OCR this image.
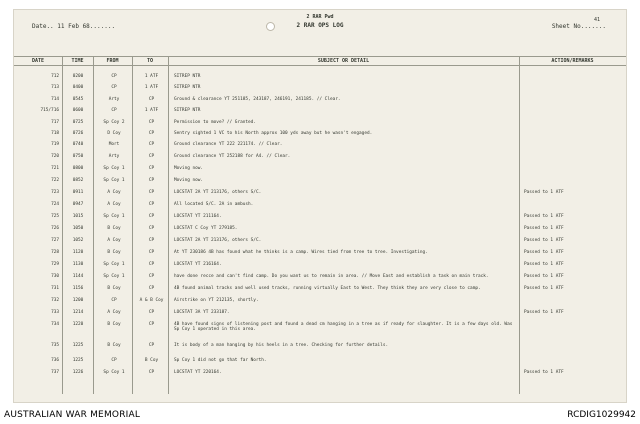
2 RAR Pwd
Date.. 11 Feb 68.......	2 RAR OPS LOG	Sheet No.......
41
DATE	TIME	FROM	TO	SUBJECT OR DETAIL	ACTION/REMARKS
712	0200	CP	1 ATF	SITREP NTR
713	0400	CP	1 ATF	SITREP NTR
714	0545	Arty	CP	Ground & clearance YT 251185, 243187, 246191, 241185. // Clear.
715/716	0600	CP	1 ATF	SITREP NTR
717	0725	Sp Coy 2	CP	Permission to move? // Granted.
718	0726	D Coy	CP	Sentry sighted 1 VC to his North approx 100 yds away but he wasn't engaged.
719	0740	Mort	CP	Ground clearance YT 222 221174. // Clear.
720	0750	Arty	CP	Ground clearance YT 252188 for A4. // Clear.
721	0800	Sp Coy 1	CP	Moving now.
722	0852	Sp Coy 1	CP	Moving now.
723	0911	A Coy	CP	LOCSTAT 2A YT 213176, others S/C.	Passed to 1 ATF
724	0947	A Coy	CP	All located S/C. 2A in ambush.
725	1015	Sp Coy 1	CP	LOCSTAT YT 211164.	Passed to 1 ATF
726	1050	B Coy	CP	LOCSTAT C Coy YT 279185.	Passed to 1 ATF
727	1052	A Coy	CP	LOCSTAT 2A YT 213176, others S/C.	Passed to 1 ATF
728	1120	B Coy	CP	At YT 230186 4B has found what he thinks is a camp. Wires tied from tree to tree. Investigating.	Passed to 1 ATF
729	1130	Sp Coy 1	CP	LOCSTAT YT 216164.	Passed to 1 ATF
730	1144	Sp Coy 1	CP	have done recce and can't find camp. Do you want us to remain in area. // Move East and establish a task on main track.	Passed to 1 ATF
731	1156	B Coy	CP	4B found animal tracks and well used tracks, running virtually East to West. They think they are very close to camp.	Passed to 1 ATF
732	1200	CP	A & B Coy	Airstrike on YT 212135, shortly.
733	1214	A Coy	CP	LOCSTAT 3A YT 233187.	Passed to 1 ATF
734	1220	B Coy	CP	4B have found signs of listening post and found a dead cm hanging in a tree as if ready for slaughter. It is a few days old. Was Sp Coy 1 operated in this area.
735	1225	B Coy	CP	It is body of a man hanging by his heels in a tree. Checking for further details.
736	1225	CP	B Coy	Sp Coy 1 did not go that far North.
737	1226	Sp Coy 1	CP	LOCSTAT YT 220164.	Passed to 1 ATF
AUSTRALIAN WAR MEMORIAL	RCDIG1029942
